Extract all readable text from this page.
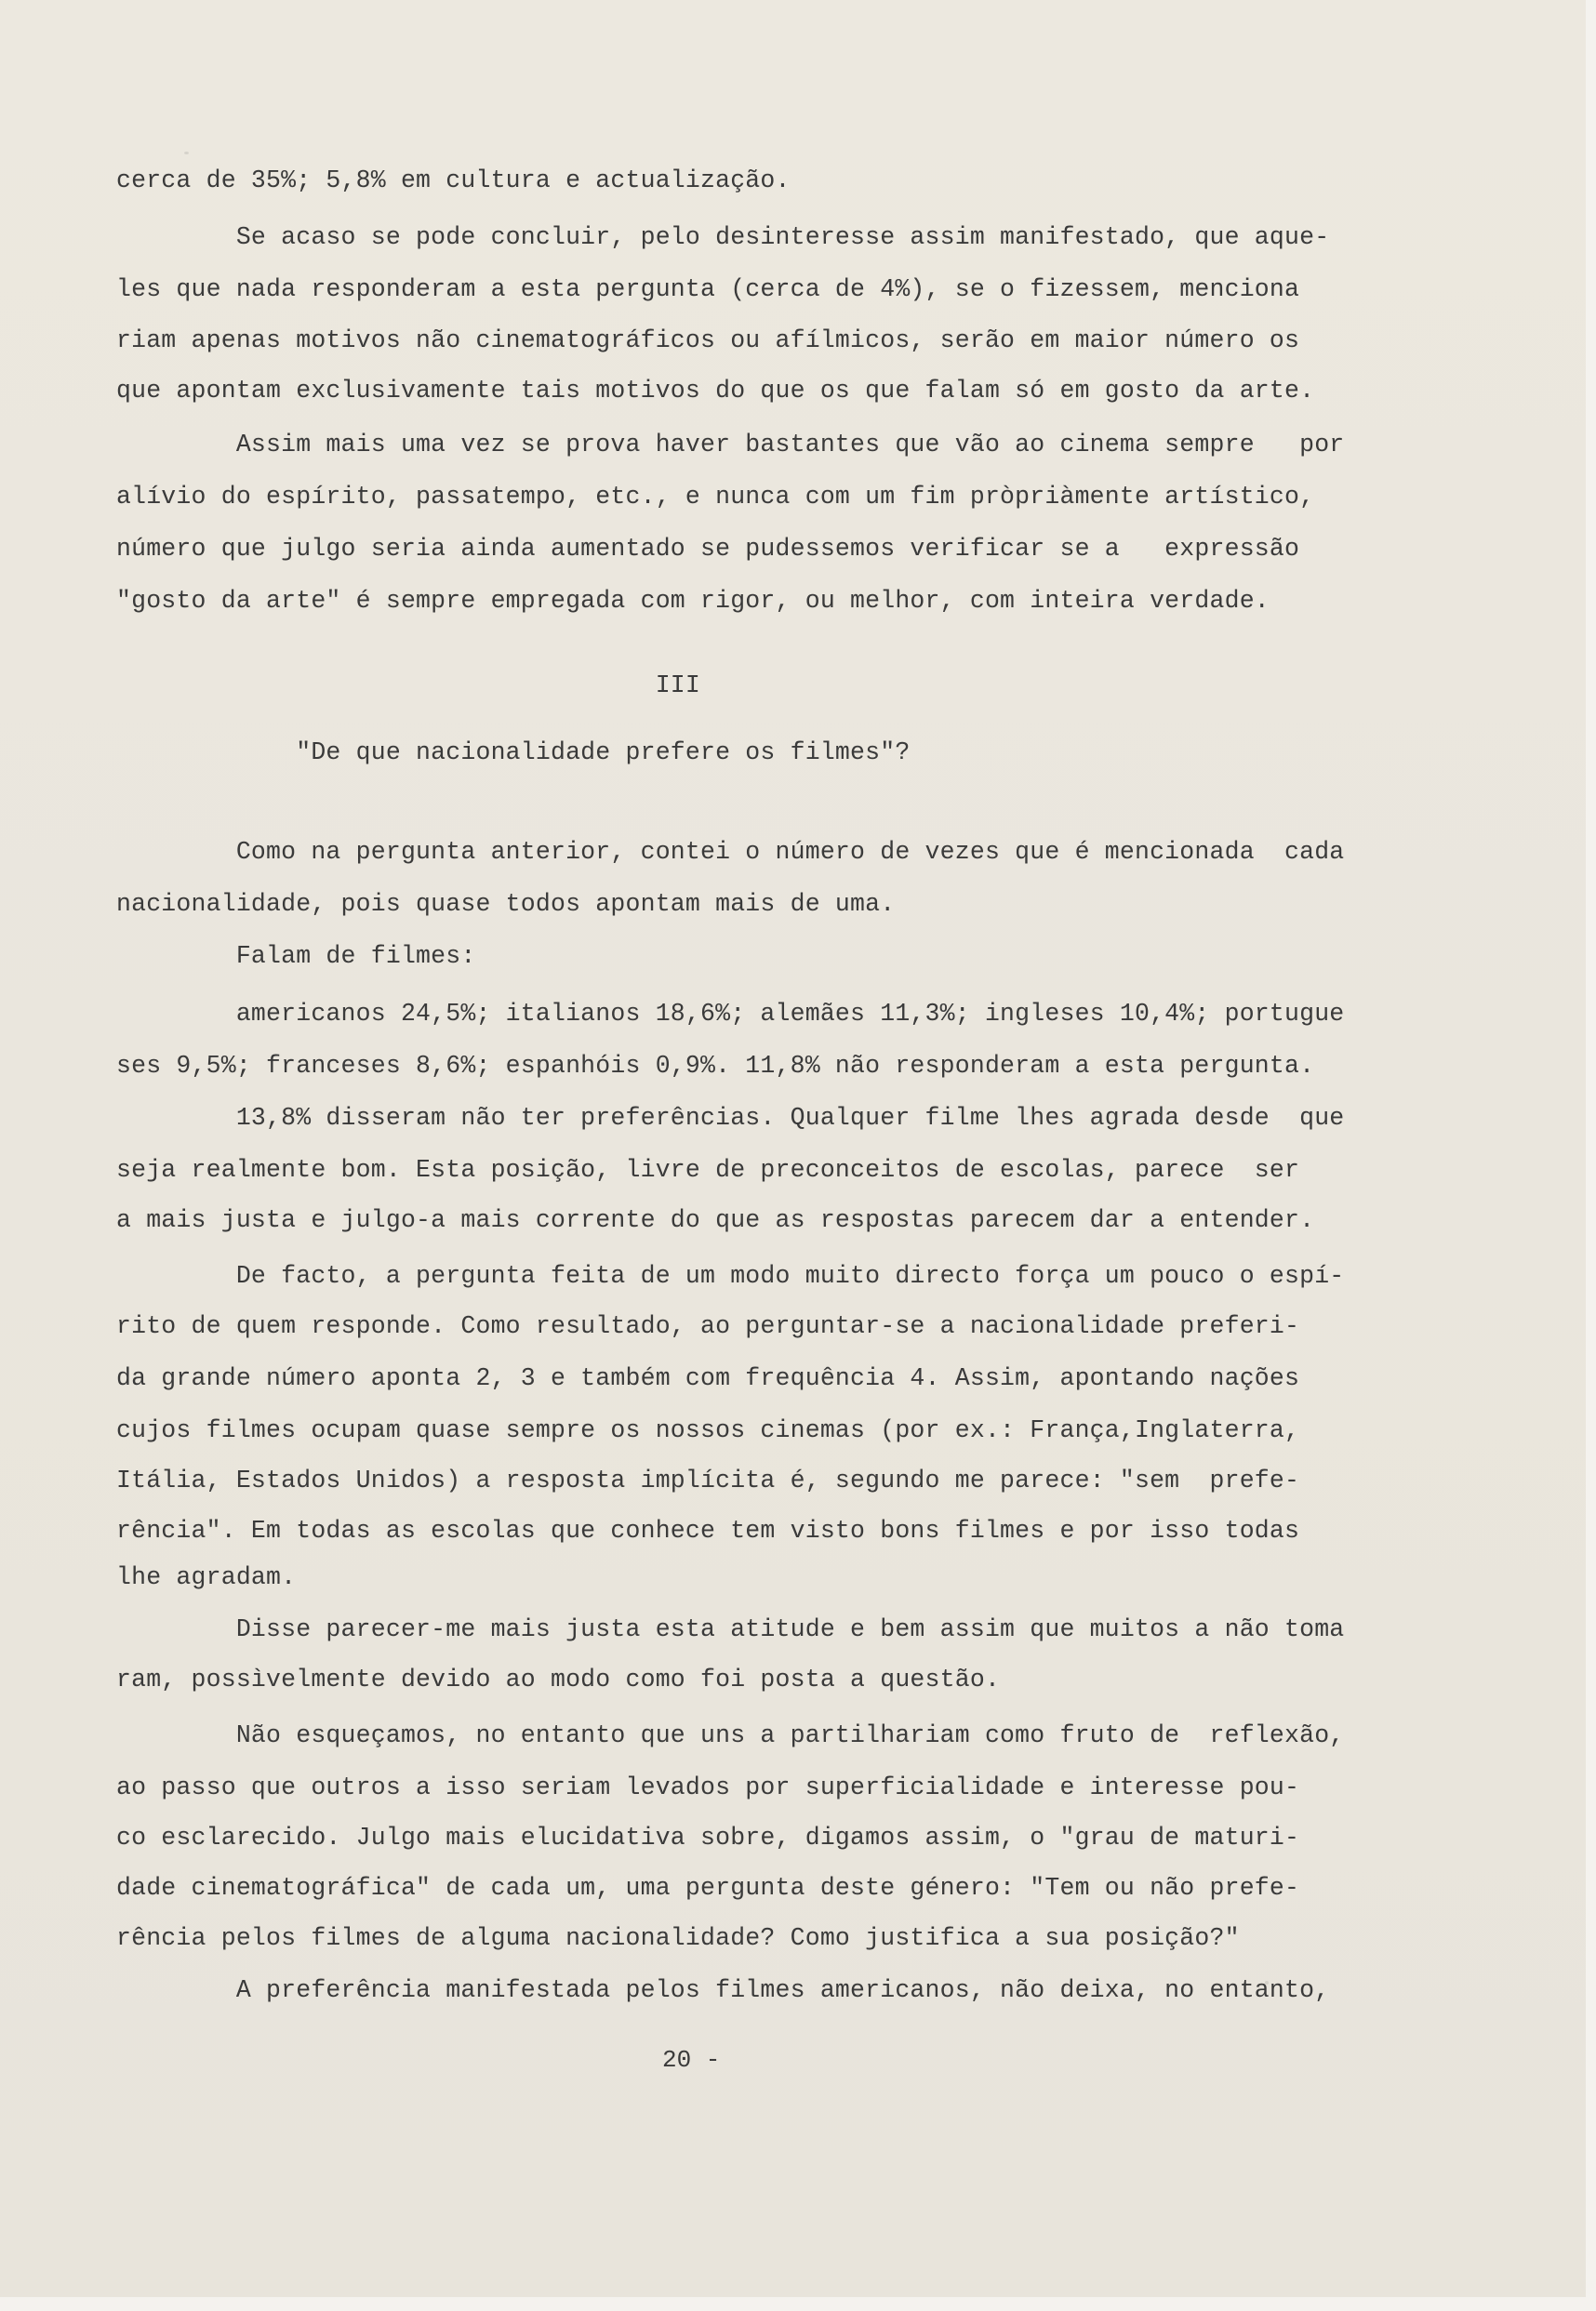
cerca de 35%; 5,8% em cultura e actualização.
Se acaso se pode concluir, pelo desinteresse assim manifestado, que aque-
les que nada responderam a esta pergunta (cerca de 4%), se o fizessem, menciona
riam apenas motivos não cinematográficos ou afílmicos, serão em maior número os
que apontam exclusivamente tais motivos do que os que falam só em gosto da arte.
Assim mais uma vez se prova haver bastantes que vão ao cinema sempre   por
alívio do espírito, passatempo, etc., e nunca com um fim pròpriàmente artístico,
número que julgo seria ainda aumentado se pudessemos verificar se a   expressão
"gosto da arte" é sempre empregada com rigor, ou melhor, com inteira verdade.
III
"De que nacionalidade prefere os filmes"?
Como na pergunta anterior, contei o número de vezes que é mencionada  cada
nacionalidade, pois quase todos apontam mais de uma.
Falam de filmes:
americanos 24,5%; italianos 18,6%; alemães 11,3%; ingleses 10,4%; portugue
ses 9,5%; franceses 8,6%; espanhóis 0,9%. 11,8% não responderam a esta pergunta.
13,8% disseram não ter preferências. Qualquer filme lhes agrada desde  que
seja realmente bom. Esta posição, livre de preconceitos de escolas, parece  ser
a mais justa e julgo-a mais corrente do que as respostas parecem dar a entender.
De facto, a pergunta feita de um modo muito directo força um pouco o espí-
rito de quem responde. Como resultado, ao perguntar-se a nacionalidade preferi-
da grande número aponta 2, 3 e também com frequência 4. Assim, apontando nações
cujos filmes ocupam quase sempre os nossos cinemas (por ex.: França,Inglaterra,
Itália, Estados Unidos) a resposta implícita é, segundo me parece: "sem  prefe-
rência". Em todas as escolas que conhece tem visto bons filmes e por isso todas
lhe agradam.
Disse parecer-me mais justa esta atitude e bem assim que muitos a não toma
ram, possìvelmente devido ao modo como foi posta a questão.
Não esqueçamos, no entanto que uns a partilhariam como fruto de  reflexão,
ao passo que outros a isso seriam levados por superficialidade e interesse pou-
co esclarecido. Julgo mais elucidativa sobre, digamos assim, o "grau de maturi-
dade cinematográfica" de cada um, uma pergunta deste género: "Tem ou não prefe-
rência pelos filmes de alguma nacionalidade? Como justifica a sua posição?"
A preferência manifestada pelos filmes americanos, não deixa, no entanto,
20 -
